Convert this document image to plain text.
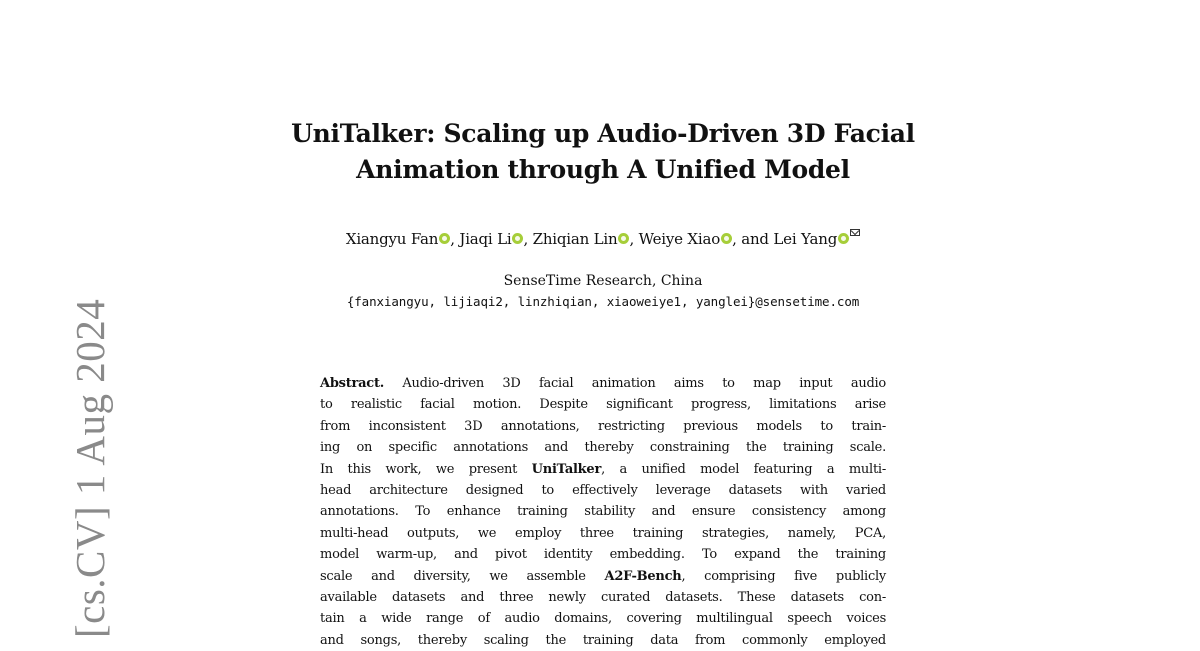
[cs.CV] 1 Aug 2024
UniTalker: Scaling up Audio-Driven 3D Facial
Animation through A Unified Model
Xiangyu Fan , Jiaqi Li , Zhiqian Lin , Weiye Xiao , and Lei Yang
SenseTime Research, China
{fanxiangyu, lijiaqi2, linzhiqian, xiaoweiye1, yanglei}@sensetime.com
Abstract. Audio-driven 3D facial animation aims to map input audio
to realistic facial motion. Despite significant progress, limitations arise
from inconsistent 3D annotations, restricting previous models to train-
ing on specific annotations and thereby constraining the training scale.
In this work, we present UniTalker, a unified model featuring a multi-
head architecture designed to effectively leverage datasets with varied
annotations. To enhance training stability and ensure consistency among
multi-head outputs, we employ three training strategies, namely, PCA,
model warm-up, and pivot identity embedding. To expand the training
scale and diversity, we assemble A2F-Bench, comprising five publicly
available datasets and three newly curated datasets. These datasets con-
tain a wide range of audio domains, covering multilingual speech voices
and songs, thereby scaling the training data from commonly employed
